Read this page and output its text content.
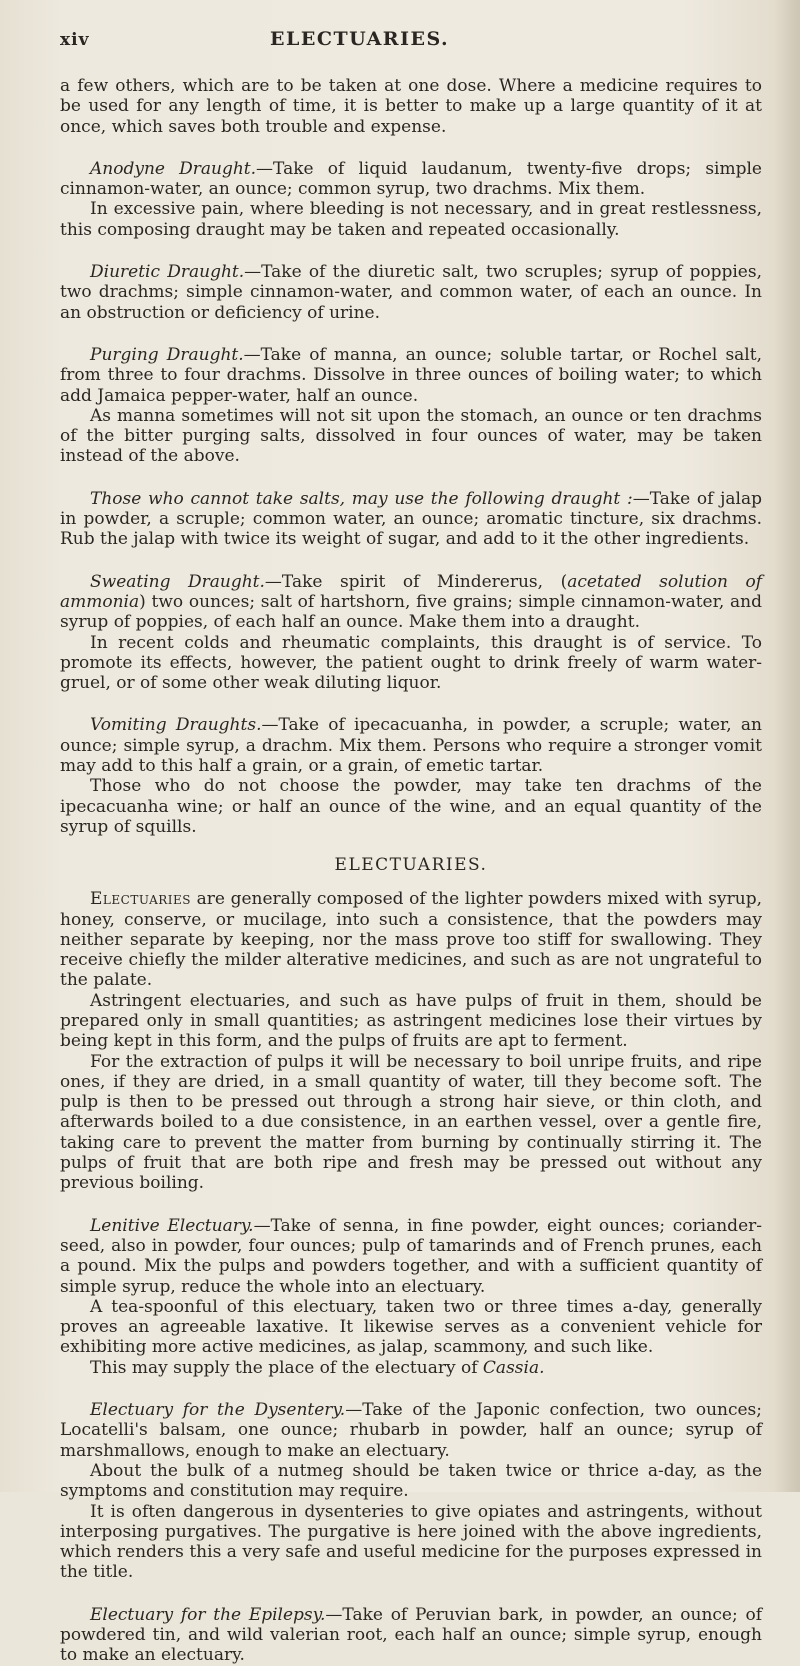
xiv	ELECTUARIES.

a few others, which are to be taken at one dose. Where a medicine requires to be used for any length of time, it is better to make up a large quantity of it at once, which saves both trouble and expense.

Anodyne Draught.—Take of liquid laudanum, twenty-five drops; simple cinnamon-water, an ounce; common syrup, two drachms. Mix them.

In excessive pain, where bleeding is not necessary, and in great restlessness, this composing draught may be taken and repeated occasionally.

Diuretic Draught.—Take of the diuretic salt, two scruples; syrup of poppies, two drachms; simple cinnamon-water, and common water, of each an ounce. In an obstruction or deficiency of urine.

Purging Draught.—Take of manna, an ounce; soluble tartar, or Rochel salt, from three to four drachms. Dissolve in three ounces of boiling water; to which add Jamaica pepper-water, half an ounce.

As manna sometimes will not sit upon the stomach, an ounce or ten drachms of the bitter purging salts, dissolved in four ounces of water, may be taken instead of the above.

Those who cannot take salts, may use the following draught :—Take of jalap in powder, a scruple; common water, an ounce; aromatic tincture, six drachms. Rub the jalap with twice its weight of sugar, and add to it the other ingredients.

Sweating Draught.—Take spirit of Mindererus, (acetated solution of ammonia) two ounces; salt of hartshorn, five grains; simple cinnamon-water, and syrup of poppies, of each half an ounce. Make them into a draught.

In recent colds and rheumatic complaints, this draught is of service. To promote its effects, however, the patient ought to drink freely of warm water-gruel, or of some other weak diluting liquor.

Vomiting Draughts.—Take of ipecacuanha, in powder, a scruple; water, an ounce; simple syrup, a drachm. Mix them. Persons who require a stronger vomit may add to this half a grain, or a grain, of emetic tartar.

Those who do not choose the powder, may take ten drachms of the ipecacuanha wine; or half an ounce of the wine, and an equal quantity of the syrup of squills.

ELECTUARIES.

Electuaries are generally composed of the lighter powders mixed with syrup, honey, conserve, or mucilage, into such a consistence, that the powders may neither separate by keeping, nor the mass prove too stiff for swallowing. They receive chiefly the milder alterative medicines, and such as are not ungrateful to the palate.

Astringent electuaries, and such as have pulps of fruit in them, should be prepared only in small quantities; as astringent medicines lose their virtues by being kept in this form, and the pulps of fruits are apt to ferment.

For the extraction of pulps it will be necessary to boil unripe fruits, and ripe ones, if they are dried, in a small quantity of water, till they become soft. The pulp is then to be pressed out through a strong hair sieve, or thin cloth, and afterwards boiled to a due consistence, in an earthen vessel, over a gentle fire, taking care to prevent the matter from burning by continually stirring it. The pulps of fruit that are both ripe and fresh may be pressed out without any previous boiling.

Lenitive Electuary.—Take of senna, in fine powder, eight ounces; coriander-seed, also in powder, four ounces; pulp of tamarinds and of French prunes, each a pound. Mix the pulps and powders together, and with a sufficient quantity of simple syrup, reduce the whole into an electuary.

A tea-spoonful of this electuary, taken two or three times a-day, generally proves an agreeable laxative. It likewise serves as a convenient vehicle for exhibiting more active medicines, as jalap, scammony, and such like.

This may supply the place of the electuary of Cassia.

Electuary for the Dysentery.—Take of the Japonic confection, two ounces; Locatelli's balsam, one ounce; rhubarb in powder, half an ounce; syrup of marshmallows, enough to make an electuary.

About the bulk of a nutmeg should be taken twice or thrice a-day, as the symptoms and constitution may require.

It is often dangerous in dysenteries to give opiates and astringents, without interposing purgatives. The purgative is here joined with the above ingredients, which renders this a very safe and useful medicine for the purposes expressed in the title.

Electuary for the Epilepsy.—Take of Peruvian bark, in powder, an ounce; of powdered tin, and wild valerian root, each half an ounce; simple syrup, enough to make an electuary.
